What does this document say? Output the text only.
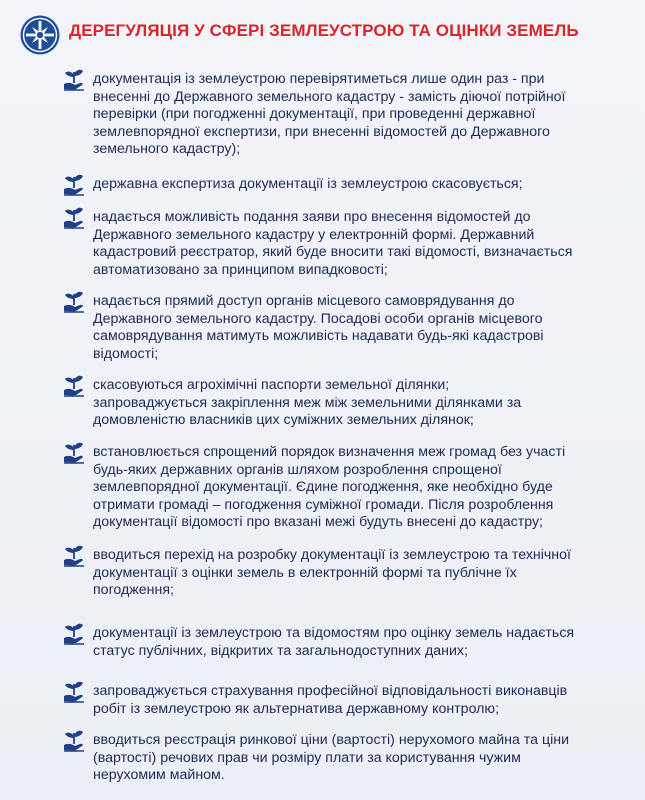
ДЕРЕГУЛЯЦІЯ У СФЕРІ ЗЕМЛЕУСТРОЮ ТА ОЦІНКИ ЗЕМЕЛЬ
документація із землеустрою перевірятиметься лише один раз - при
внесенні до Державного земельного кадастру - замість діючої потрійної
перевірки (при погодженні документації, при проведенні державної
землевпорядної експертизи, при внесенні відомостей до Державного
земельного кадастру);
державна експертиза документації із землеустрою скасовується;
надається можливість подання заяви про внесення відомостей до
Державного земельного кадастру у електронній формі. Державний
кадастровий реєстратор, який буде вносити такі відомості, визначається
автоматизовано за принципом випадковості;
надається прямий доступ органів місцевого самоврядування до
Державного земельного кадастру. Посадові особи органів місцевого
самоврядування матимуть можливість надавати будь-які кадастрові
відомості;
скасовуються агрохімічні паспорти земельної ділянки;
запроваджується закріплення меж між земельними ділянками за
домовленістю власників цих суміжних земельних ділянок;
встановлюється спрощений порядок визначення меж громад без участі
будь-яких державних органів шляхом розроблення спрощеної
землевпорядної документації. Єдине погодження, яке необхідно буде
отримати громаді – погодження суміжної громади. Після розроблення
документації відомості про вказані межі будуть внесені до кадастру;
вводиться перехід на розробку документації із землеустрою та технічної
документації з оцінки земель в електронній формі та публічне їх
погодження;
документації із землеустрою та відомостям про оцінку земель надається
статус публічних, відкритих та загальнодоступних даних;
запроваджується страхування професійної відповідальності виконавців
робіт із землеустрою як альтернатива державному контролю;
вводиться реєстрація ринкової ціни (вартості) нерухомого майна та ціни
(вартості) речових прав чи розміру плати за користування чужим
нерухомим майном.
